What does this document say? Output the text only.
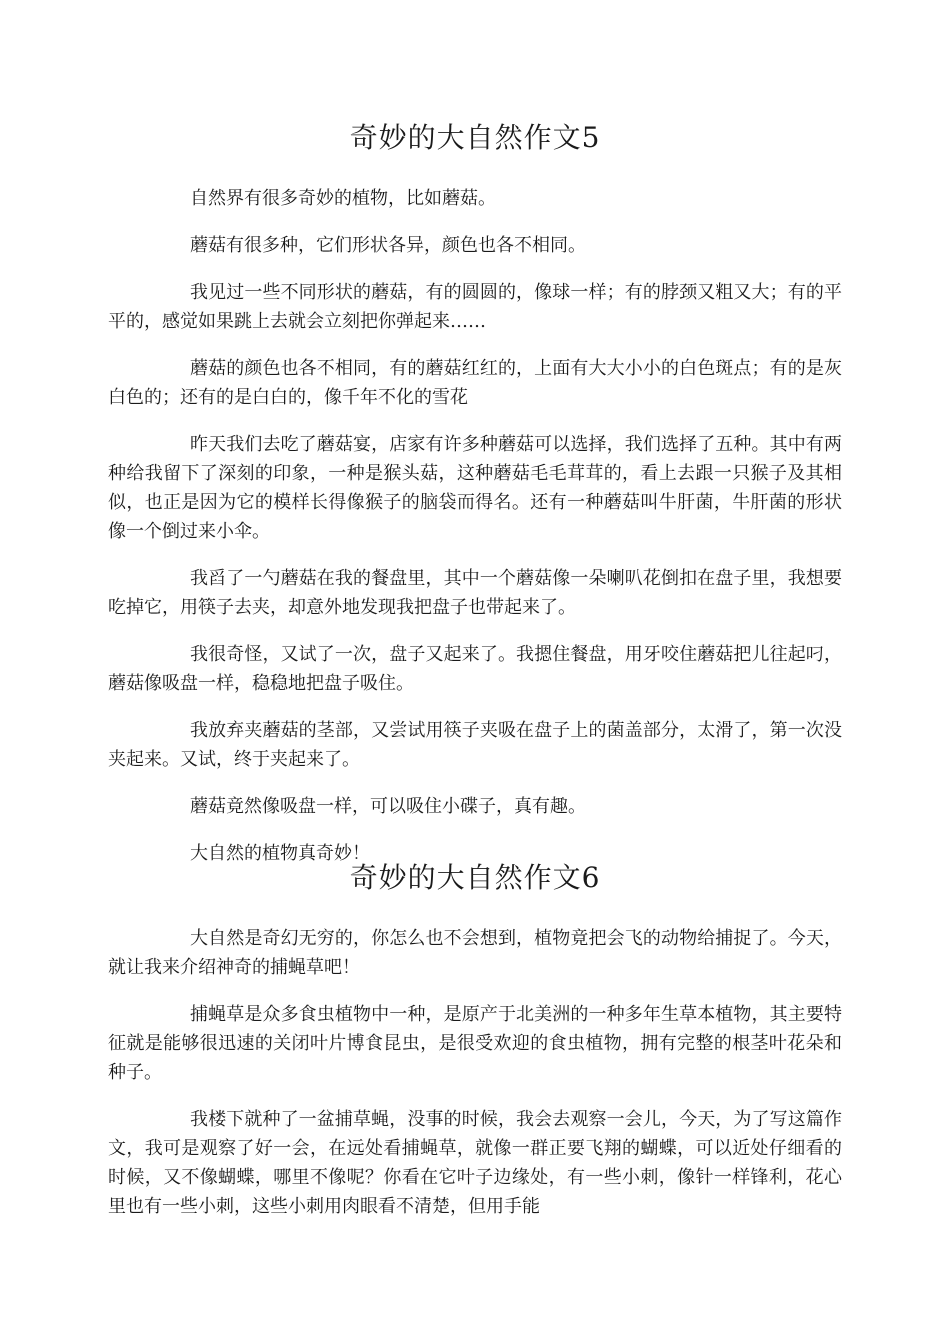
奇妙的大自然作文5

自然界有很多奇妙的植物，比如蘑菇。

蘑菇有很多种，它们形状各异，颜色也各不相同。

我见过一些不同形状的蘑菇，有的圆圆的，像球一样；有的脖颈又粗又大；有的平平的，感觉如果跳上去就会立刻把你弹起来……

蘑菇的颜色也各不相同，有的蘑菇红红的，上面有大大小小的白色斑点；有的是灰白色的；还有的是白白的，像千年不化的雪花

昨天我们去吃了蘑菇宴，店家有许多种蘑菇可以选择，我们选择了五种。其中有两种给我留下了深刻的印象，一种是猴头菇，这种蘑菇毛毛茸茸的，看上去跟一只猴子及其相似，也正是因为它的模样长得像猴子的脑袋而得名。还有一种蘑菇叫牛肝菌，牛肝菌的形状像一个倒过来小伞。

我舀了一勺蘑菇在我的餐盘里，其中一个蘑菇像一朵喇叭花倒扣在盘子里，我想要吃掉它，用筷子去夹，却意外地发现我把盘子也带起来了。

我很奇怪，又试了一次，盘子又起来了。我摁住餐盘，用牙咬住蘑菇把儿往起叼，蘑菇像吸盘一样，稳稳地把盘子吸住。

我放弃夹蘑菇的茎部，又尝试用筷子夹吸在盘子上的菌盖部分，太滑了，第一次没夹起来。又试，终于夹起来了。

蘑菇竟然像吸盘一样，可以吸住小碟子，真有趣。

大自然的植物真奇妙！

奇妙的大自然作文6

大自然是奇幻无穷的，你怎么也不会想到，植物竟把会飞的动物给捕捉了。今天，就让我来介绍神奇的捕蝇草吧！

捕蝇草是众多食虫植物中一种，是原产于北美洲的一种多年生草本植物，其主要特征就是能够很迅速的关闭叶片博食昆虫，是很受欢迎的食虫植物，拥有完整的根茎叶花朵和种子。

我楼下就种了一盆捕草蝇，没事的时候，我会去观察一会儿，今天，为了写这篇作文，我可是观察了好一会，在远处看捕蝇草，就像一群正要飞翔的蝴蝶，可以近处仔细看的时候，又不像蝴蝶，哪里不像呢？你看在它叶子边缘处，有一些小刺，像针一样锋利，花心里也有一些小刺，这些小刺用肉眼看不清楚，但用手能
